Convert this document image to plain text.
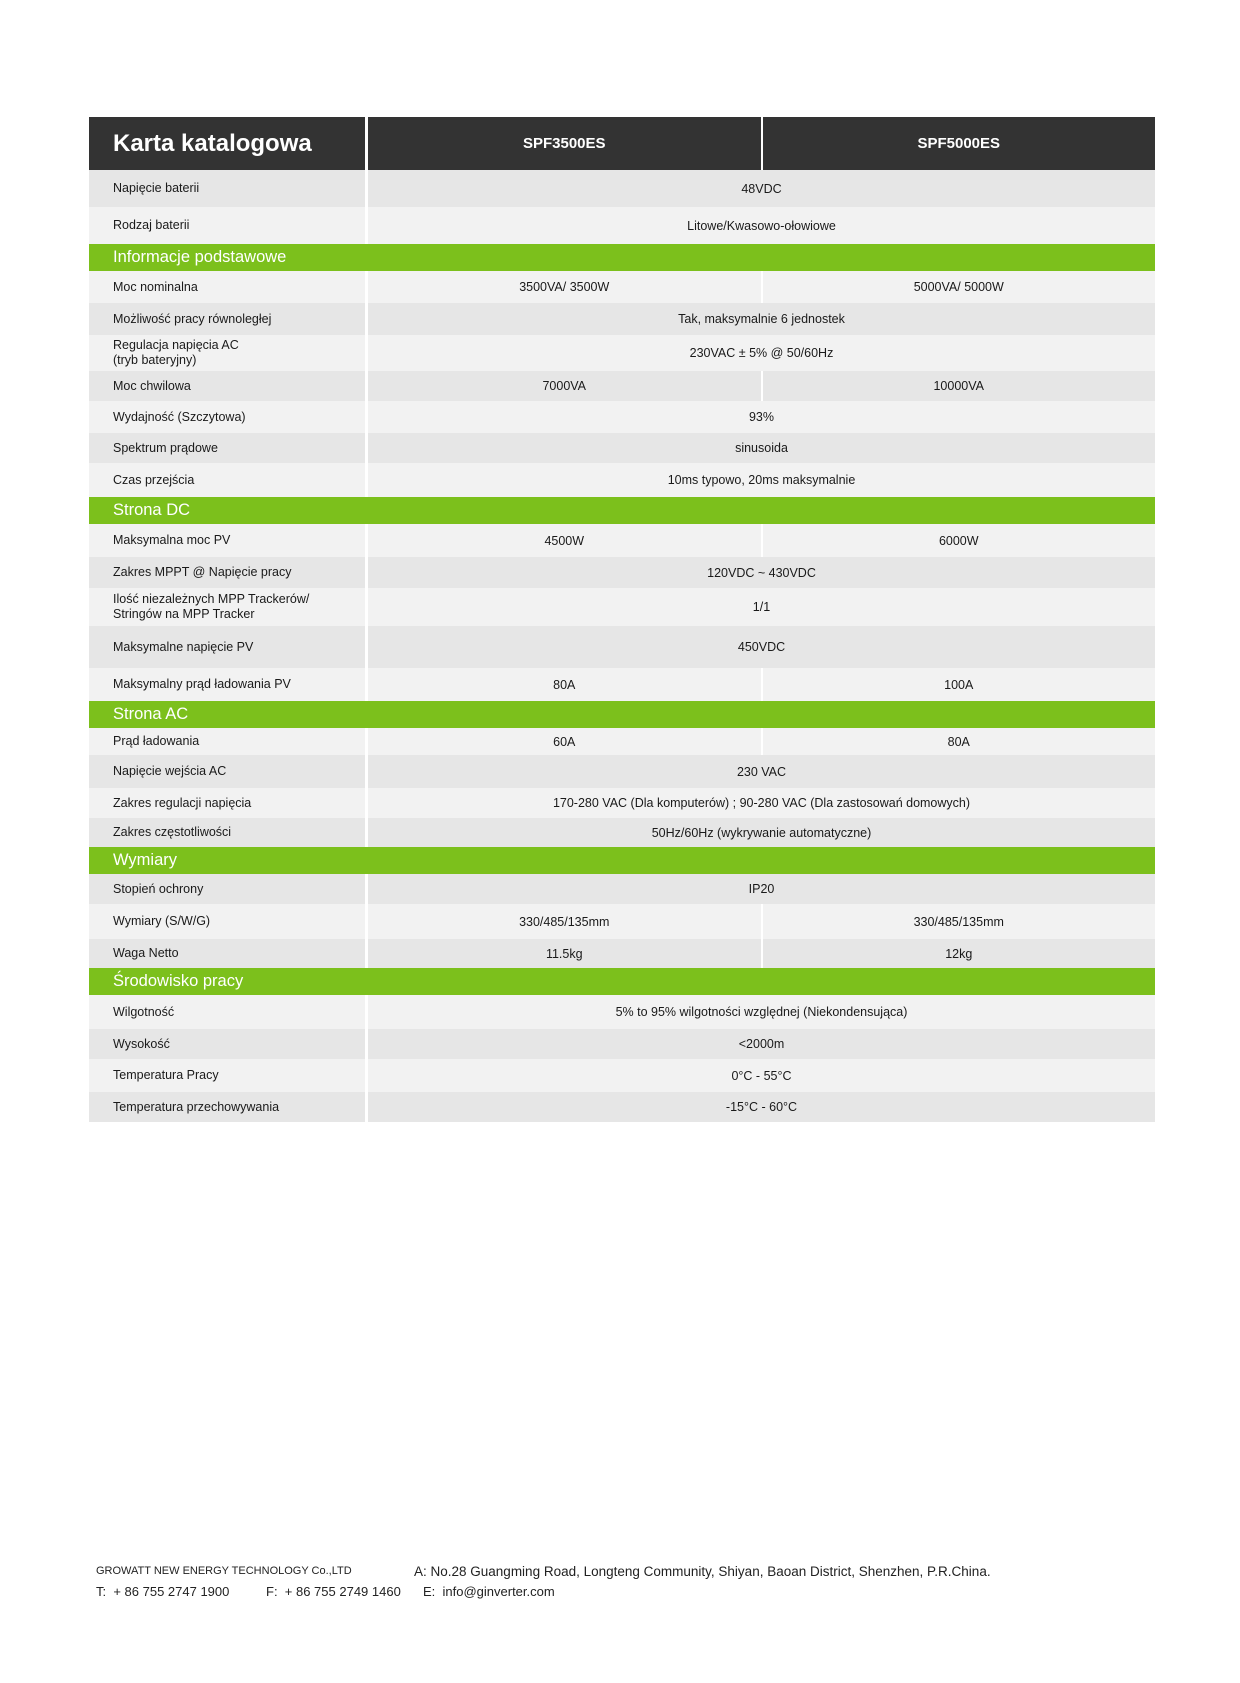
Karta katalogowa	SPF3500ES	SPF5000ES
Napięcie baterii	48VDC
Rodzaj baterii	Litowe/Kwasowo-ołowiowe
Informacje podstawowe
Moc nominalna	3500VA/ 3500W	5000VA/ 5000W
Możliwość pracy równoległej	Tak, maksymalnie 6 jednostek
Regulacja napięcia AC
(tryb bateryjny)	230VAC ± 5% @ 50/60Hz
Moc chwilowa	7000VA	10000VA
Wydajność (Szczytowa)	93%
Spektrum prądowe	sinusoida
Czas przejścia	10ms typowo, 20ms maksymalnie
Strona DC
Maksymalna moc PV	4500W	6000W
Zakres MPPT @ Napięcie pracy	120VDC ~ 430VDC
Ilość niezależnych MPP Trackerów/
Stringów na MPP Tracker	1/1
Maksymalne napięcie PV	450VDC
Maksymalny prąd ładowania PV	80A	100A
Strona AC
Prąd ładowania	60A	80A
Napięcie wejścia AC	230 VAC
Zakres regulacji napięcia	170-280 VAC (Dla komputerów) ; 90-280 VAC (Dla zastosowań domowych)
Zakres częstotliwości	50Hz/60Hz (wykrywanie automatyczne)
Wymiary
Stopień ochrony	IP20
Wymiary (S/W/G)	330/485/135mm	330/485/135mm
Waga Netto	11.5kg	12kg
Środowisko pracy
Wilgotność	5% to 95% wilgotności względnej (Niekondensująca)
Wysokość	<2000m
Temperatura Pracy	0°C - 55°C
Temperatura przechowywania	-15°C - 60°C
GROWATT NEW ENERGY TECHNOLOGY Co.,LTD	A: No.28 Guangming Road, Longteng Community, Shiyan, Baoan District, Shenzhen, P.R.China.
T:  + 86 755 2747 1900	F:  + 86 755 2749 1460	E:  info@ginverter.com
